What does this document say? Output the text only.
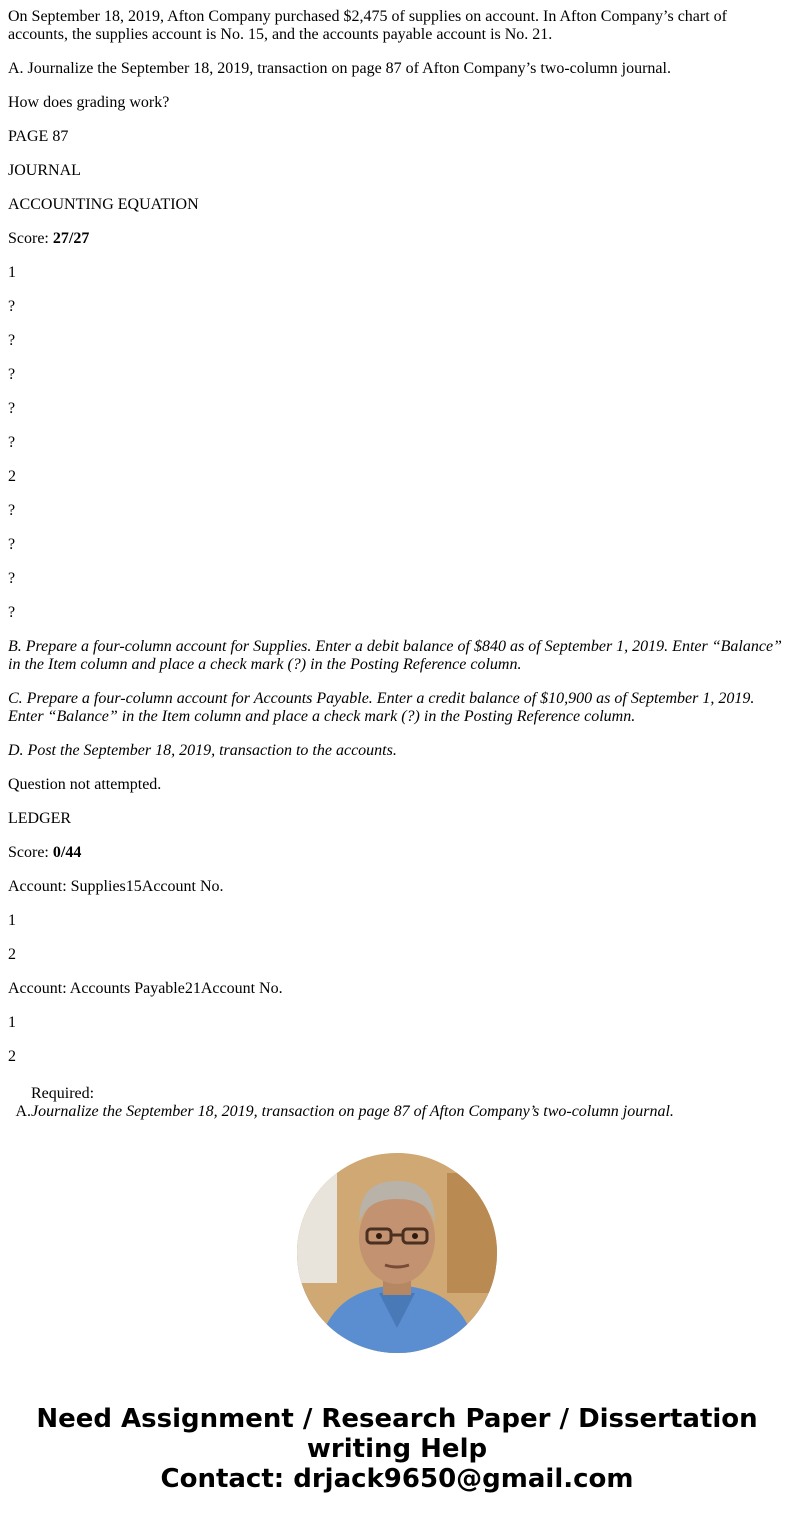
On September 18, 2019, Afton Company purchased $2,475 of supplies on account. In Afton Company’s chart of accounts, the supplies account is No. 15, and the accounts payable account is No. 21.
A. Journalize the September 18, 2019, transaction on page 87 of Afton Company’s two-column journal.
How does grading work?
PAGE 87
JOURNAL
ACCOUNTING EQUATION
Score: 27/27
1
?
?
?
?
?
2
?
?
?
?
B. Prepare a four-column account for Supplies. Enter a debit balance of $840 as of September 1, 2019. Enter “Balance” in the Item column and place a check mark (?) in the Posting Reference column.
C. Prepare a four-column account for Accounts Payable. Enter a credit balance of $10,900 as of September 1, 2019. Enter “Balance” in the Item column and place a check mark (?) in the Posting Reference column.
D. Post the September 18, 2019, transaction to the accounts.
Question not attempted.
LEDGER
Score: 0/44
Account: Supplies15Account No.
1
2
Account: Accounts Payable21Account No.
1
2
Required:
A. Journalize the September 18, 2019, transaction on page 87 of Afton Company’s two-column journal.
Need Assignment / Research Paper / Dissertation
writing Help
Contact: drjack9650@gmail.com
